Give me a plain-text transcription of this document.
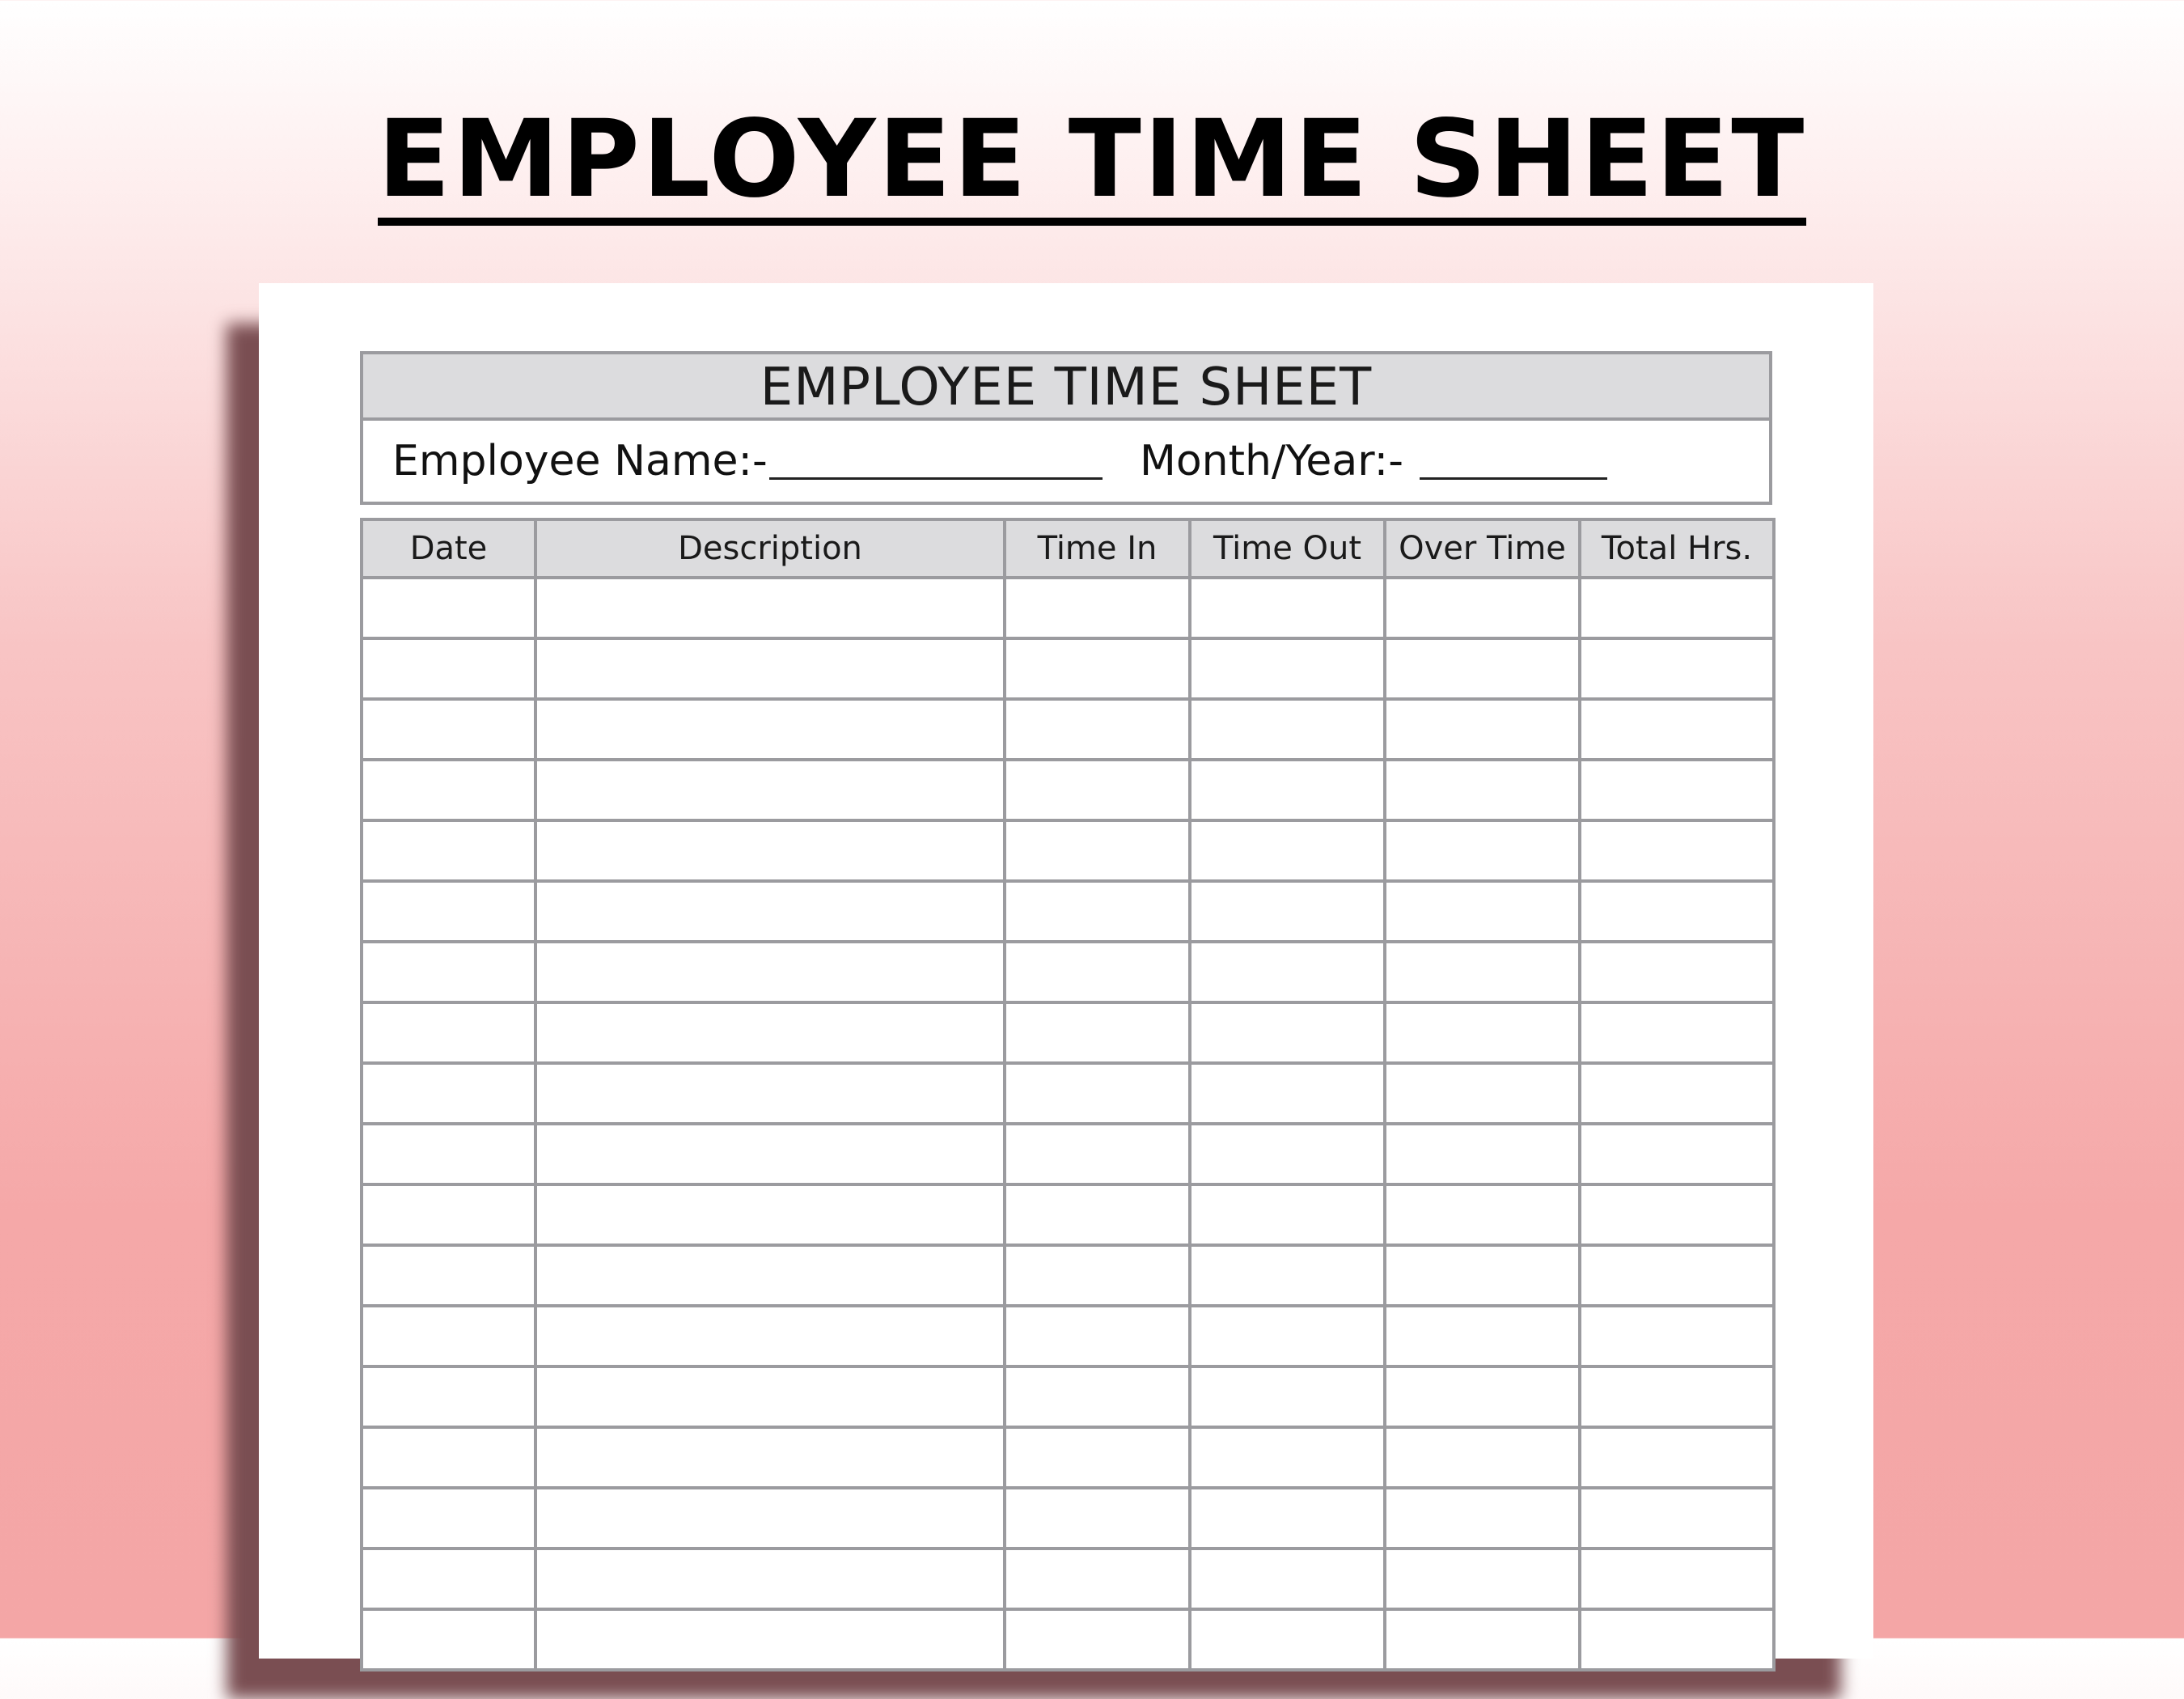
EMPLOYEE TIME SHEET
EMPLOYEE TIME SHEET
Employee Name:-	Month/Year:-
Date	Description	Time In	Time Out	Over Time	Total Hrs.
